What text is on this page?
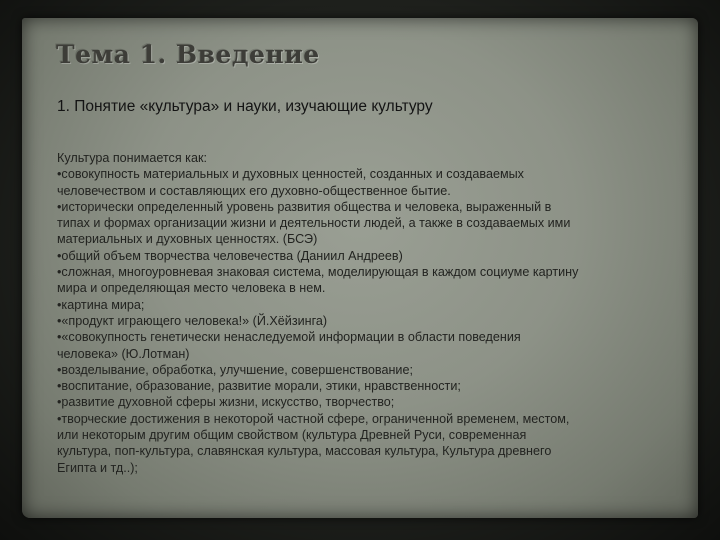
Тема 1. Введение

1. Понятие «культура» и науки, изучающие культуру

Культура понимается как:
•совокупность материальных и духовных ценностей, созданных и создаваемых
человечеством и составляющих его духовно-общественное бытие.
•исторически определенный уровень развития общества и человека, выраженный в
типах и формах организации жизни и деятельности людей, а также в создаваемых ими
материальных и духовных ценностях. (БСЭ)
•общий объем творчества человечества (Даниил Андреев)
•сложная, многоуровневая знаковая система, моделирующая в каждом социуме картину
мира и определяющая место человека в нем.
•картина мира;
•«продукт играющего человека!» (Й.Хёйзинга)
•«совокупность генетически ненаследуемой информации в области поведения
человека» (Ю.Лотман)
•возделывание, обработка, улучшение, совершенствование;
•воспитание, образование, развитие морали, этики, нравственности;
•развитие духовной сферы жизни, искусство, творчество;
•творческие достижения в некоторой частной сфере, ограниченной временем, местом,
или некоторым другим общим свойством (культура Древней Руси, современная
культура, поп-культура, славянская культура, массовая культура, Культура древнего
Египта и тд..);
